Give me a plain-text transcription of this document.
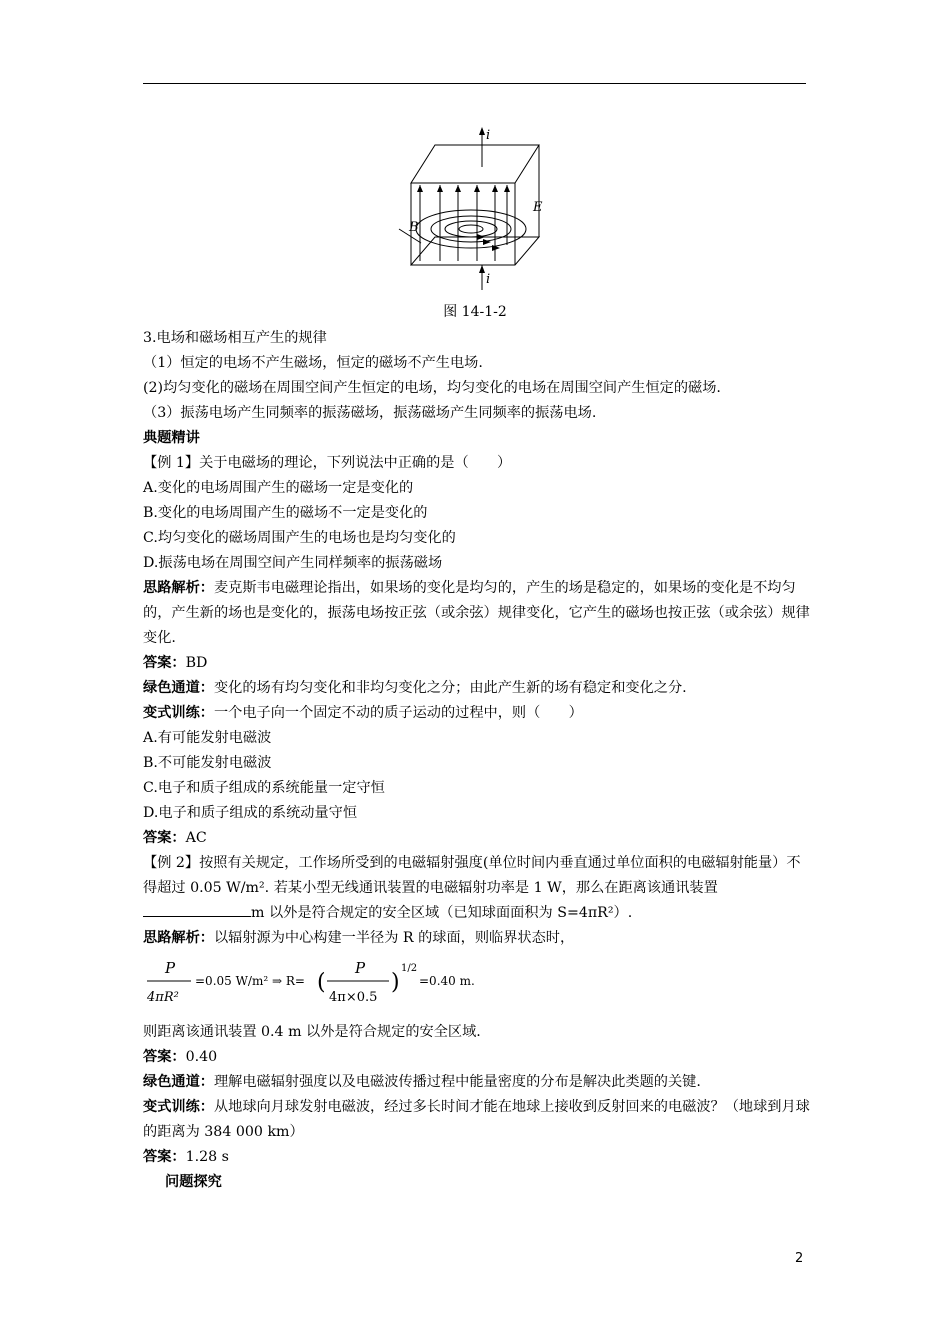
i
i
B
E
图 14-1-2

3.电场和磁场相互产生的规律

（1）恒定的电场不产生磁场，恒定的磁场不产生电场.

(2)均匀变化的磁场在周围空间产生恒定的电场，均匀变化的电场在周围空间产生恒定的磁场.

（3）振荡电场产生同频率的振荡磁场，振荡磁场产生同频率的振荡电场.

典题精讲

【例 1】关于电磁场的理论，下列说法中正确的是（　　）

A.变化的电场周围产生的磁场一定是变化的

B.变化的电场周围产生的磁场不一定是变化的

C.均匀变化的磁场周围产生的电场也是均匀变化的

D.振荡电场在周围空间产生同样频率的振荡磁场

思路解析：麦克斯韦电磁理论指出，如果场的变化是均匀的，产生的场是稳定的，如果场的变化是不均匀的，产生新的场也是变化的，振荡电场按正弦（或余弦）规律变化，它产生的磁场也按正弦（或余弦）规律变化.

答案：BD

绿色通道：变化的场有均匀变化和非均匀变化之分；由此产生新的场有稳定和变化之分.

变式训练：一个电子向一个固定不动的质子运动的过程中，则（　　）

A.有可能发射电磁波

B.不可能发射电磁波

C.电子和质子组成的系统能量一定守恒

D.电子和质子组成的系统动量守恒

答案：AC

【例 2】按照有关规定，工作场所受到的电磁辐射强度(单位时间内垂直通过单位面积的电磁辐射能量）不得超过 0.05 W/m². 若某小型无线通讯装置的电磁辐射功率是 1 W，那么在距离该通讯装置m 以外是符合规定的安全区域（已知球面面积为 S=4πR²）.

思路解析：以辐射源为中心构建一半径为 R 的球面，则临界状态时，

P
4πR²
=0.05 W/m² ⇒ R= (
P
4π×0.5
)
1/2
=0.40 m.

则距离该通讯装置 0.4 m 以外是符合规定的安全区域.

答案：0.40

绿色通道：理解电磁辐射强度以及电磁波传播过程中能量密度的分布是解决此类题的关键.

变式训练：从地球向月球发射电磁波，经过多长时间才能在地球上接收到反射回来的电磁波？（地球到月球的距离为 384 000 km）

答案：1.28 s

问题探究

2
